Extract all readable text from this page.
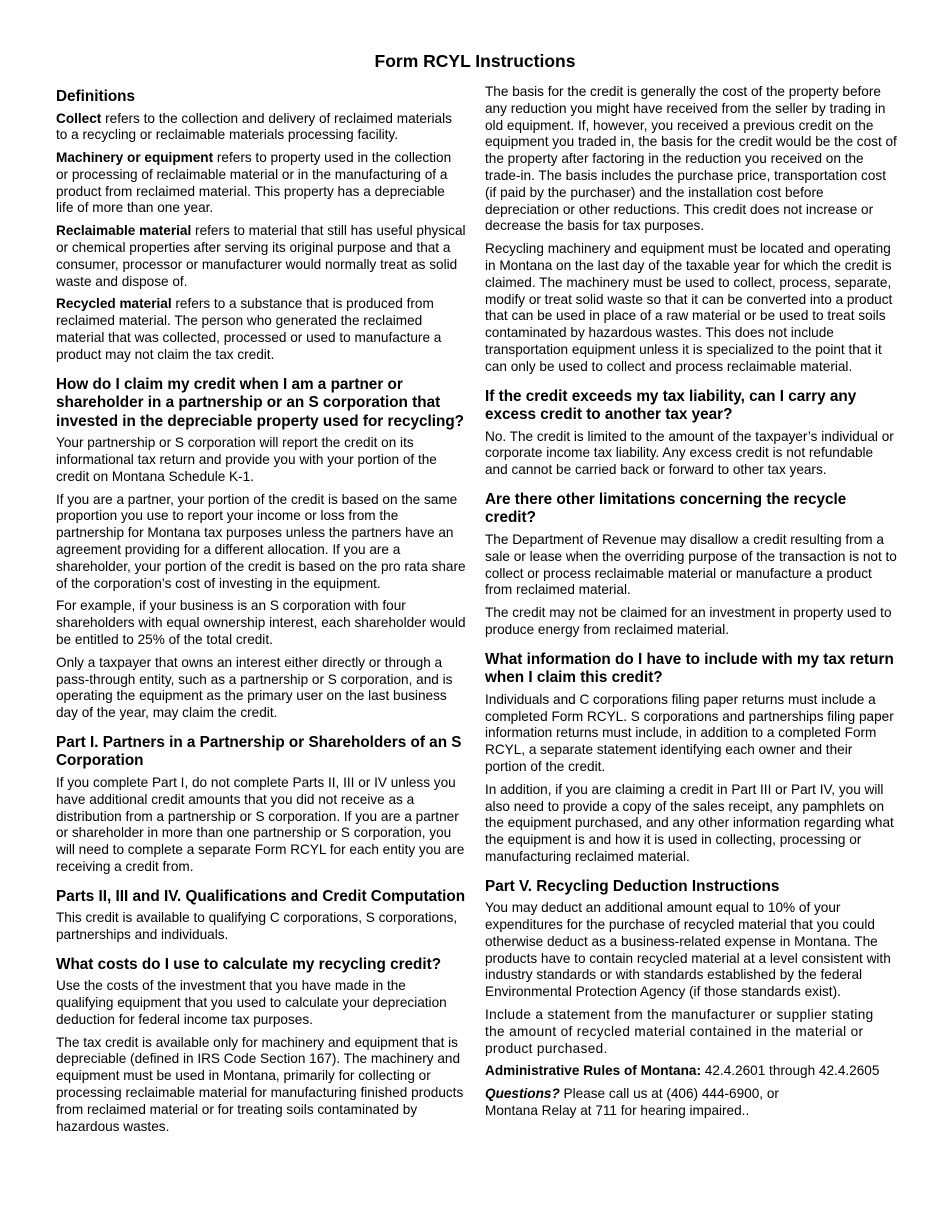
Form RCYL Instructions
Definitions

Collect refers to the collection and delivery of reclaimed materials to a recycling or reclaimable materials processing facility.

Machinery or equipment refers to property used in the collection or processing of reclaimable material or in the manufacturing of a product from reclaimed material. This property has a depreciable life of more than one year.

Reclaimable material refers to material that still has useful physical or chemical properties after serving its original purpose and that a consumer, processor or manufacturer would normally treat as solid waste and dispose of.

Recycled material refers to a substance that is produced from reclaimed material. The person who generated the reclaimed material that was collected, processed or used to manufacture a product may not claim the tax credit.

How do I claim my credit when I am a partner or shareholder in a partnership or an S corporation that invested in the depreciable property used for recycling?

Your partnership or S corporation will report the credit on its informational tax return and provide you with your portion of the credit on Montana Schedule K-1.

If you are a partner, your portion of the credit is based on the same proportion you use to report your income or loss from the partnership for Montana tax purposes unless the partners have an agreement providing for a different allocation. If you are a shareholder, your portion of the credit is based on the pro rata share of the corporation’s cost of investing in the equipment.

For example, if your business is an S corporation with four shareholders with equal ownership interest, each shareholder would be entitled to 25% of the total credit.

Only a taxpayer that owns an interest either directly or through a pass-through entity, such as a partnership or S corporation, and is operating the equipment as the primary user on the last business day of the year, may claim the credit.

Part I. Partners in a Partnership or Shareholders of an S Corporation

If you complete Part I, do not complete Parts II, III or IV unless you have additional credit amounts that you did not receive as a distribution from a partnership or S corporation. If you are a partner or shareholder in more than one partnership or S corporation, you will need to complete a separate Form RCYL for each entity you are receiving a credit from.

Parts II, III and IV. Qualifications and Credit Computation

This credit is available to qualifying C corporations, S corporations, partnerships and individuals.

What costs do I use to calculate my recycling credit?

Use the costs of the investment that you have made in the qualifying equipment that you used to calculate your depreciation deduction for federal income tax purposes.

The tax credit is available only for machinery and equipment that is depreciable (defined in IRS Code Section 167). The machinery and equipment must be used in Montana, primarily for collecting or processing reclaimable material for manufacturing finished products from reclaimed material or for treating soils contaminated by hazardous wastes.

The basis for the credit is generally the cost of the property before any reduction you might have received from the seller by trading in old equipment. If, however, you received a previous credit on the equipment you traded in, the basis for the credit would be the cost of the property after factoring in the reduction you received on the trade-in. The basis includes the purchase price, transportation cost (if paid by the purchaser) and the installation cost before depreciation or other reductions. This credit does not increase or decrease the basis for tax purposes.

Recycling machinery and equipment must be located and operating in Montana on the last day of the taxable year for which the credit is claimed. The machinery must be used to collect, process, separate, modify or treat solid waste so that it can be converted into a product that can be used in place of a raw material or be used to treat soils contaminated by hazardous wastes. This does not include transportation equipment unless it is specialized to the point that it can only be used to collect and process reclaimable material.

If the credit exceeds my tax liability, can I carry any excess credit to another tax year?

No. The credit is limited to the amount of the taxpayer’s individual or corporate income tax liability. Any excess credit is not refundable and cannot be carried back or forward to other tax years.

Are there other limitations concerning the recycle credit?

The Department of Revenue may disallow a credit resulting from a sale or lease when the overriding purpose of the transaction is not to collect or process reclaimable material or manufacture a product from reclaimed material.

The credit may not be claimed for an investment in property used to produce energy from reclaimed material.

What information do I have to include with my tax return when I claim this credit?

Individuals and C corporations filing paper returns must include a completed Form RCYL. S corporations and partnerships filing paper information returns must include, in addition to a completed Form RCYL, a separate statement identifying each owner and their portion of the credit.

In addition, if you are claiming a credit in Part III or Part IV, you will also need to provide a copy of the sales receipt, any pamphlets on the equipment purchased, and any other information regarding what the equipment is and how it is used in collecting, processing or manufacturing reclaimed material.

Part V. Recycling Deduction Instructions

You may deduct an additional amount equal to 10% of your expenditures for the purchase of recycled material that you could otherwise deduct as a business-related expense in Montana. The products have to contain recycled material at a level consistent with industry standards or with standards established by the federal Environmental Protection Agency (if those standards exist).

Include a statement from the manufacturer or supplier stating the amount of recycled material contained in the material or product purchased.

Administrative Rules of Montana: 42.4.2601 through 42.4.2605

Questions? Please call us at (406) 444-6900, or
Montana Relay at 711 for hearing impaired..
